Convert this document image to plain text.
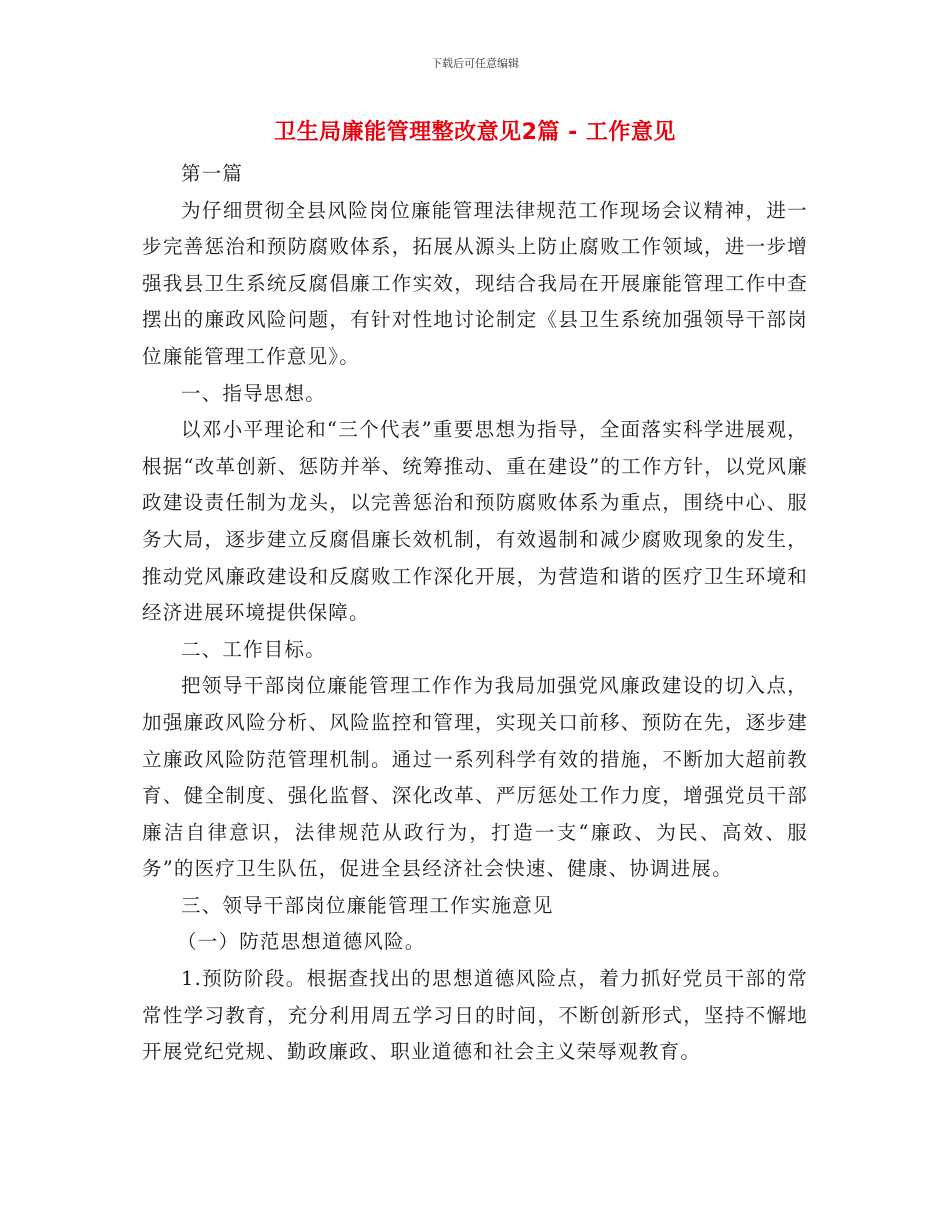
下载后可任意编辑
卫生局廉能管理整改意见2篇 - 工作意见

第一篇

为仔细贯彻全县风险岗位廉能管理法律规范工作现场会议精神，进一步完善惩治和预防腐败体系，拓展从源头上防止腐败工作领域，进一步增强我县卫生系统反腐倡廉工作实效，现结合我局在开展廉能管理工作中查摆出的廉政风险问题，有针对性地讨论制定《县卫生系统加强领导干部岗位廉能管理工作意见》。

一、指导思想。

以邓小平理论和“三个代表”重要思想为指导，全面落实科学进展观，根据“改革创新、惩防并举、统筹推动、重在建设”的工作方针，以党风廉政建设责任制为龙头，以完善惩治和预防腐败体系为重点，围绕中心、服务大局，逐步建立反腐倡廉长效机制，有效遏制和减少腐败现象的发生，推动党风廉政建设和反腐败工作深化开展，为营造和谐的医疗卫生环境和经济进展环境提供保障。

二、工作目标。

把领导干部岗位廉能管理工作作为我局加强党风廉政建设的切入点，加强廉政风险分析、风险监控和管理，实现关口前移、预防在先，逐步建立廉政风险防范管理机制。通过一系列科学有效的措施，不断加大超前教育、健全制度、强化监督、深化改革、严厉惩处工作力度，增强党员干部廉洁自律意识，法律规范从政行为，打造一支“廉政、为民、高效、服务”的医疗卫生队伍，促进全县经济社会快速、健康、协调进展。

三、领导干部岗位廉能管理工作实施意见

（一）防范思想道德风险。

1.预防阶段。根据查找出的思想道德风险点，着力抓好党员干部的常常性学习教育，充分利用周五学习日的时间，不断创新形式，坚持不懈地开展党纪党规、勤政廉政、职业道德和社会主义荣辱观教育。
